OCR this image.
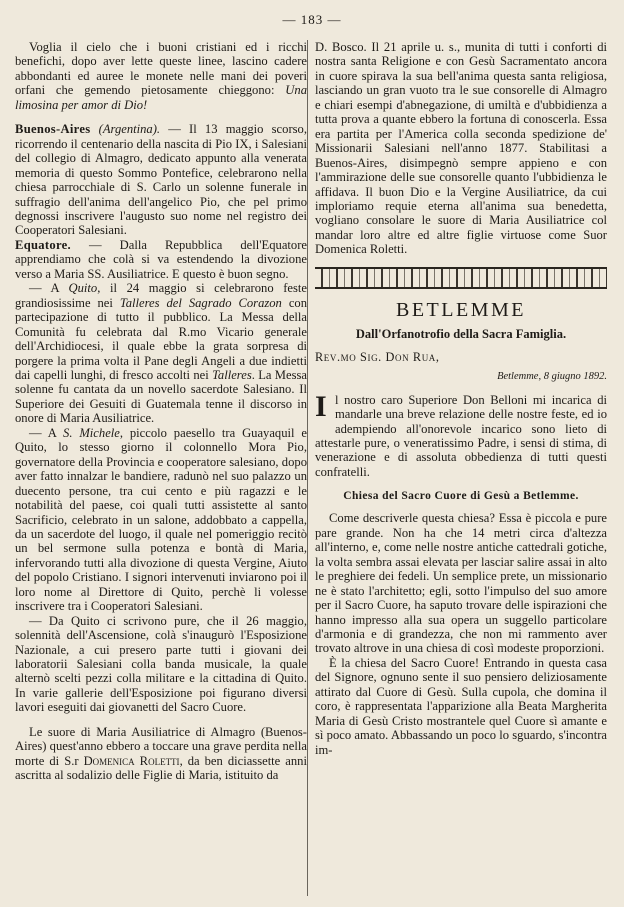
— 183 —

Voglia il cielo che i buoni cristiani ed i ricchi benefichi, dopo aver lette queste linee, lascino cadere abbondanti ed auree le monete nelle mani dei poveri orfani che gemendo pietosamente chieggono: Una limosina per amor di Dio!

Buenos-Aires (Argentina). — Il 13 maggio scorso, ricorrendo il centenario della nascita di Pio IX, i Salesiani del collegio di Almagro, dedicato appunto alla venerata memoria di questo Sommo Pontefice, celebrarono nella chiesa parrocchiale di S. Carlo un solenne funerale in suffragio dell'anima dell'angelico Pio, che pel primo degnossi inscrivere l'augusto suo nome nel registro dei Cooperatori Salesiani.

Equatore. — Dalla Repubblica dell'Equatore apprendiamo che colà si va estendendo la divozione verso a Maria SS. Ausiliatrice. E questo è buon segno.

— A Quito, il 24 maggio si celebrarono feste grandiosissime nei Talleres del Sagrado Corazon con partecipazione di tutto il pubblico. La Messa della Comunità fu celebrata dal R.mo Vicario generale dell'Archidiocesi, il quale ebbe la grata sorpresa di porgere la prima volta il Pane degli Angeli a due indietti dai capelli lunghi, di fresco accolti nei Talleres. La Messa solenne fu cantata da un novello sacerdote Salesiano. Il Superiore dei Gesuiti di Guatemala tenne il discorso in onore di Maria Ausiliatrice.

— A S. Michele, piccolo paesello tra Guayaquil e Quito, lo stesso giorno il colonnello Mora Pio, governatore della Provincia e cooperatore salesiano, dopo aver fatto innalzar le bandiere, radunò nel suo palazzo un duecento persone, tra cui cento e più ragazzi e le notabilità del paese, coi quali tutti assistette al santo Sacrificio, celebrato in un salone, addobbato a cappella, da un sacerdote del luogo, il quale nel pomeriggio recitò un bel sermone sulla potenza e bontà di Maria, infervorando tutti alla divozione di questa Vergine, Aiuto del popolo Cristiano. I signori intervenuti inviarono poi il loro nome al Direttore di Quito, perchè li volesse inscrivere tra i Cooperatori Salesiani.

— Da Quito ci scrivono pure, che il 26 maggio, solennità dell'Ascensione, colà s'inaugurò l'Esposizione Nazionale, a cui presero parte tutti i giovani dei laboratorii Salesiani colla banda musicale, la quale alternò scelti pezzi colla militare e la cittadina di Quito. In varie gallerie dell'Esposizione poi figurano diversi lavori eseguiti dai giovanetti del Sacro Cuore.

Le suore di Maria Ausiliatrice di Almagro (Buenos-Aires) quest'anno ebbero a toccare una grave perdita nella morte di S.r Domenica Roletti, da ben diciassette anni ascritta al sodalizio delle Figlie di Maria, istituito da

D. Bosco. Il 21 aprile u. s., munita di tutti i conforti di nostra santa Religione e con Gesù Sacramentato ancora in cuore spirava la sua bell'anima questa santa religiosa, lasciando un gran vuoto tra le sue consorelle di Almagro e chiari esempi d'abnegazione, di umiltà e d'ubbidienza a tutta prova a quante ebbero la fortuna di conoscerla. Essa era partita per l'America colla seconda spedizione de' Missionarii Salesiani nell'anno 1877. Stabilitasi a Buenos-Aires, disimpegnò sempre appieno e con l'ammirazione delle sue consorelle quanto l'ubbidienza le affidava. Il buon Dio e la Vergine Ausiliatrice, da cui imploriamo requie eterna all'anima sua benedetta, vogliano consolare le suore di Maria Ausiliatrice col mandar loro altre ed altre figlie virtuose come Suor Domenica Roletti.

BETLEMME
Dall'Orfanotrofio della Sacra Famiglia.

Rev.mo Sig. Don Rua,

Betlemme, 8 giugno 1892.

Il nostro caro Superiore Don Belloni mi incarica di mandarle una breve relazione delle nostre feste, ed io adempiendo all'onorevole incarico sono lieto di attestarle pure, o veneratissimo Padre, i sensi di stima, di venerazione e di assoluta obbedienza di tutti questi confratelli.

Chiesa del Sacro Cuore di Gesù a Betlemme.

Come descriverle questa chiesa? Essa è piccola e pure pare grande. Non ha che 14 metri circa d'altezza all'interno, e, come nelle nostre antiche cattedrali gotiche, la volta sembra assai elevata per lasciar salire assai in alto le preghiere dei fedeli. Un semplice prete, un missionario ne è stato l'architetto; egli, sotto l'impulso del suo amore per il Sacro Cuore, ha saputo trovare delle ispirazioni che hanno impresso alla sua opera un suggello particolare d'armonia e di grandezza, che non mi rammento aver trovato altrove in una chiesa di così modeste proporzioni.

È la chiesa del Sacro Cuore! Entrando in questa casa del Signore, ognuno sente il suo pensiero deliziosamente attirato dal Cuore di Gesù. Sulla cupola, che domina il coro, è rappresentata l'apparizione alla Beata Margherita Maria di Gesù Cristo mostrantele quel Cuore sì amante e sì poco amato. Abbassando un poco lo sguardo, s'incontra im-
